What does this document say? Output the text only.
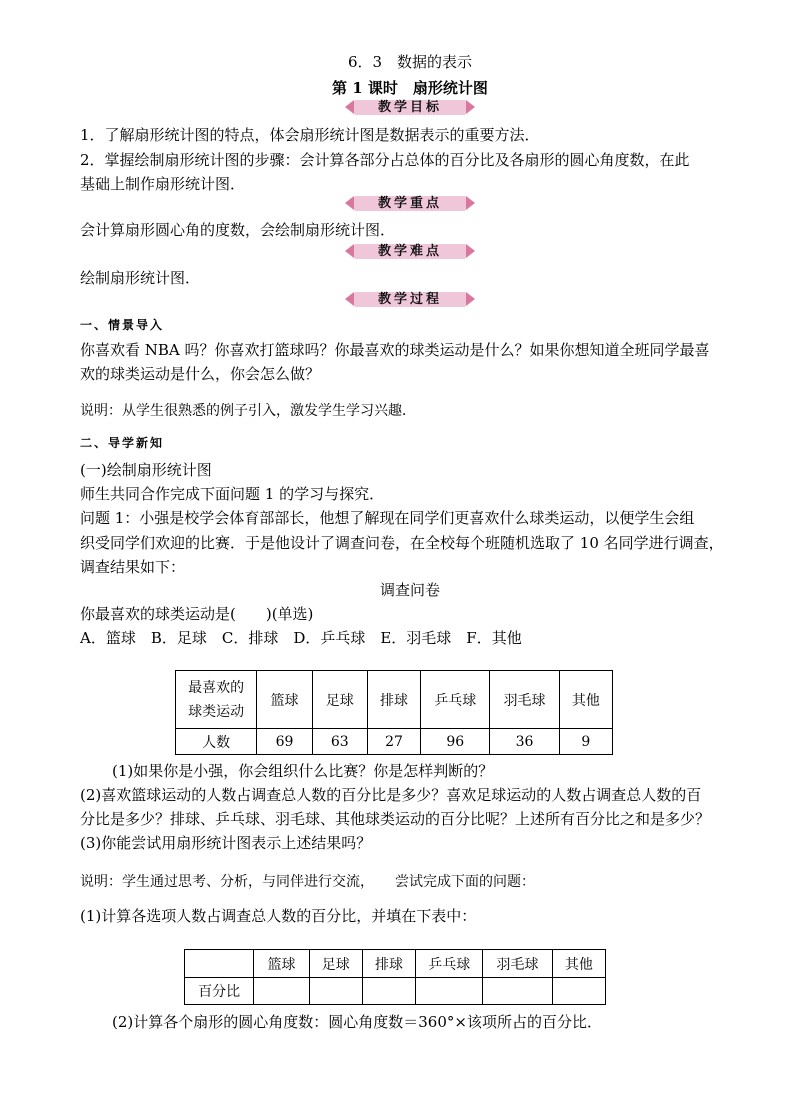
6．3　数据的表示
第 1 课时　扇形统计图
教学目标
1．了解扇形统计图的特点，体会扇形统计图是数据表示的重要方法．
2．掌握绘制扇形统计图的步骤：会计算各部分占总体的百分比及各扇形的圆心角度数，在此
基础上制作扇形统计图．
教学重点
会计算扇形圆心角的度数，会绘制扇形统计图．
教学难点
绘制扇形统计图．
教学过程
一、情景导入
你喜欢看 NBA 吗？你喜欢打篮球吗？你最喜欢的球类运动是什么？如果你想知道全班同学最喜
欢的球类运动是什么，你会怎么做？
说明：从学生很熟悉的例子引入，激发学生学习兴趣．
二、导学新知
(一)绘制扇形统计图
师生共同合作完成下面问题 1 的学习与探究．
问题 1：小强是校学会体育部部长，他想了解现在同学们更喜欢什么球类运动，以便学生会组
织受同学们欢迎的比赛．于是他设计了调查问卷，在全校每个班随机选取了 10 名同学进行调查，
调查结果如下：
调查问卷
你最喜欢的球类运动是(　　)(单选)
A．篮球　B．足球　C．排球　D．乒乓球　E．羽毛球　F．其他
最喜欢的
球类运动	篮球	足球	排球	乒乓球	羽毛球	其他
人数	69	63	27	96	36	9
(1)如果你是小强，你会组织什么比赛？你是怎样判断的？
(2)喜欢篮球运动的人数占调查总人数的百分比是多少？喜欢足球运动的人数占调查总人数的百
分比是多少？排球、乒乓球、羽毛球、其他球类运动的百分比呢？上述所有百分比之和是多少？
(3)你能尝试用扇形统计图表示上述结果吗？
说明：学生通过思考、分析，与同伴进行交流，　　尝试完成下面的问题：
(1)计算各选项人数占调查总人数的百分比，并填在下表中：
	篮球	足球	排球	乒乓球	羽毛球	其他
百分比						
(2)计算各个扇形的圆心角度数：圆心角度数＝360°×该项所占的百分比．
